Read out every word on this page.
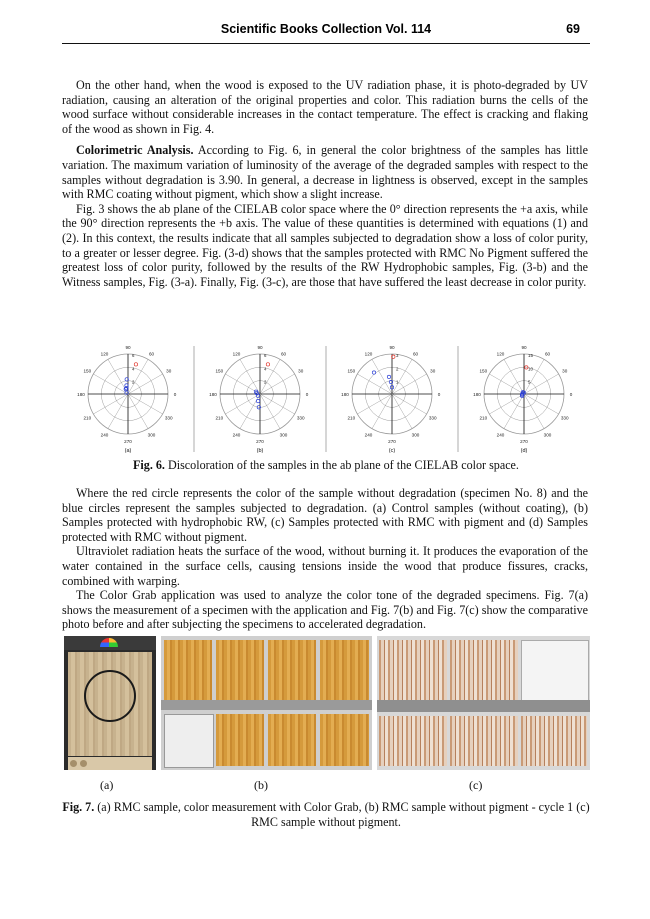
Scientific Books Collection Vol. 114	69

On the other hand, when the wood is exposed to the UV radiation phase, it is photo-degraded by UV radiation, causing an alteration of the original properties and color. This radiation burns the cells of the wood surface without considerable increases in the contact temperature. The effect is cracking and flaking of the wood as shown in Fig. 4.

Colorimetric Analysis. According to Fig. 6, in general the color brightness of the samples has little variation. The maximum variation of luminosity of the average of the degraded samples with respect to the samples without degradation is 3.90. In general, a decrease in lightness is observed, except in the samples with RMC coating without pigment, which show a slight increase.

Fig. 3 shows the ab plane of the CIELAB color space where the 0° direction represents the +a axis, while the 90° direction represents the +b axis. The value of these quantities is determined with equations (1) and (2). In this context, the results indicate that all samples subjected to degradation show a loss of color purity, to a greater or lesser degree. Fig. (3-d) shows that the samples protected with RMC No Pigment suffered the greatest loss of color purity, followed by the results of the RW Hydrophobic samples, Fig. (3-b) and the Witness samples, Fig. (3-a). Finally, Fig. (3-c), are those that have suffered the least decrease in color purity.

0
30
60
90
120
150
180
210
240
270
300
330
2
4
6
(a)
0
30
60
90
120
150
180
210
240
270
300
330
2
4
6
(b)
0
30
60
90
120
150
180
210
240
270
300
330
1
2
3
(c)
0
30
60
90
120
150
180
210
240
270
300
330
5
10
15
(d)
Fig. 6. Discoloration of the samples in the ab plane of the CIELAB color space.

Where the red circle represents the color of the sample without degradation (specimen No. 8) and the blue circles represent the samples subjected to degradation. (a) Control samples (without coating), (b) Samples protected with hydrophobic RW, (c) Samples protected with RMC with pigment and (d) Samples protected with RMC without pigment.

Ultraviolet radiation heats the surface of the wood, without burning it. It produces the evaporation of the water contained in the surface cells, causing tensions inside the wood that produce fissures, cracks, combined with warping.

The Color Grab application was used to analyze the color tone of the degraded specimens. Fig. 7(a) shows the measurement of a specimen with the application and Fig. 7(b) and Fig. 7(c) show the comparative photo before and after subjecting the specimens to accelerated degradation.

(a)	(b)	(c)
Fig. 7. (a) RMC sample, color measurement with Color Grab, (b) RMC sample without pigment - cycle 1 (c) RMC sample without pigment.
